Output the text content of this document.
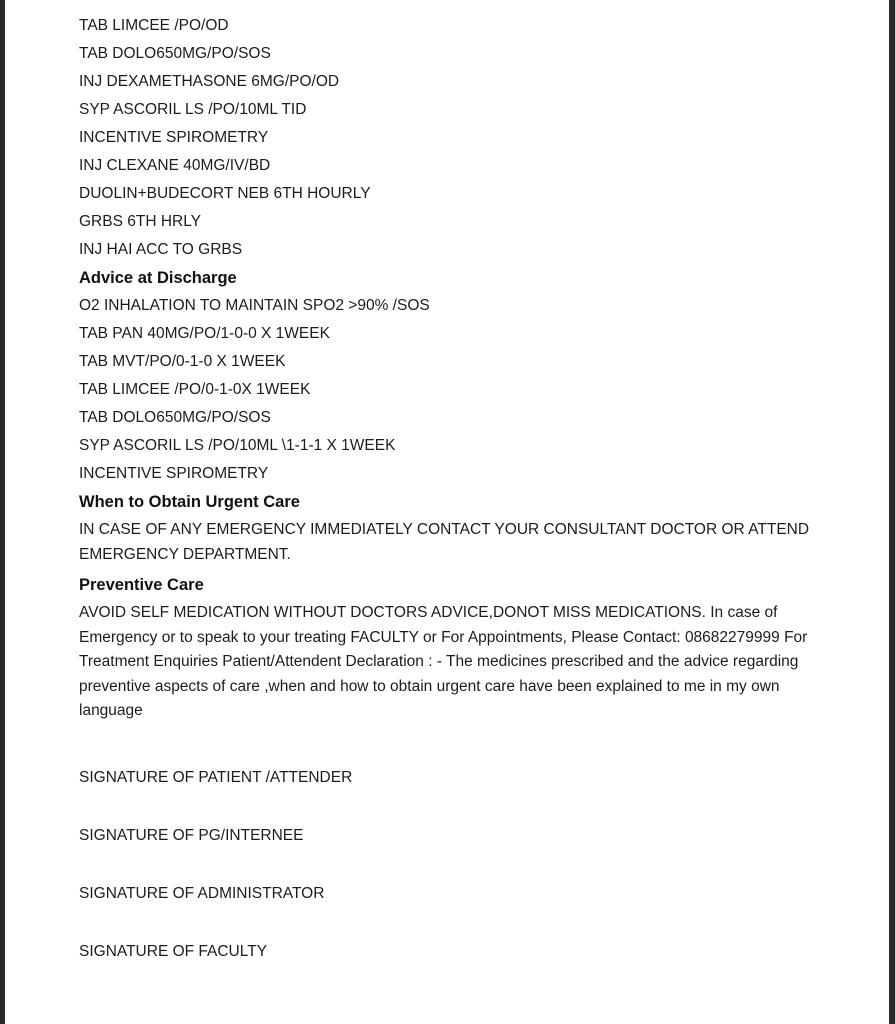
TAB LIMCEE /PO/OD
TAB DOLO650MG/PO/SOS
INJ DEXAMETHASONE 6MG/PO/OD
SYP ASCORIL LS /PO/10ML TID
INCENTIVE SPIROMETRY
INJ CLEXANE 40MG/IV/BD
DUOLIN+BUDECORT NEB 6TH HOURLY
GRBS 6TH HRLY
INJ HAI ACC TO GRBS
Advice at Discharge
O2 INHALATION TO MAINTAIN SPO2 >90% /SOS
TAB PAN 40MG/PO/1-0-0 X 1WEEK
TAB MVT/PO/0-1-0 X 1WEEK
TAB LIMCEE /PO/0-1-0X 1WEEK
TAB DOLO650MG/PO/SOS
SYP ASCORIL LS /PO/10ML \1-1-1 X 1WEEK
INCENTIVE SPIROMETRY
When to Obtain Urgent Care
IN CASE OF ANY EMERGENCY IMMEDIATELY CONTACT YOUR CONSULTANT DOCTOR OR ATTEND EMERGENCY DEPARTMENT.
Preventive Care
AVOID SELF MEDICATION WITHOUT DOCTORS ADVICE,DONOT MISS MEDICATIONS. In case of Emergency or to speak to your treating FACULTY or For Appointments, Please Contact: 08682279999 For Treatment Enquiries Patient/Attendent Declaration : - The medicines prescribed and the advice regarding preventive aspects of care ,when and how to obtain urgent care have been explained to me in my own language
SIGNATURE OF PATIENT /ATTENDER
SIGNATURE OF PG/INTERNEE
SIGNATURE OF ADMINISTRATOR
SIGNATURE OF FACULTY
